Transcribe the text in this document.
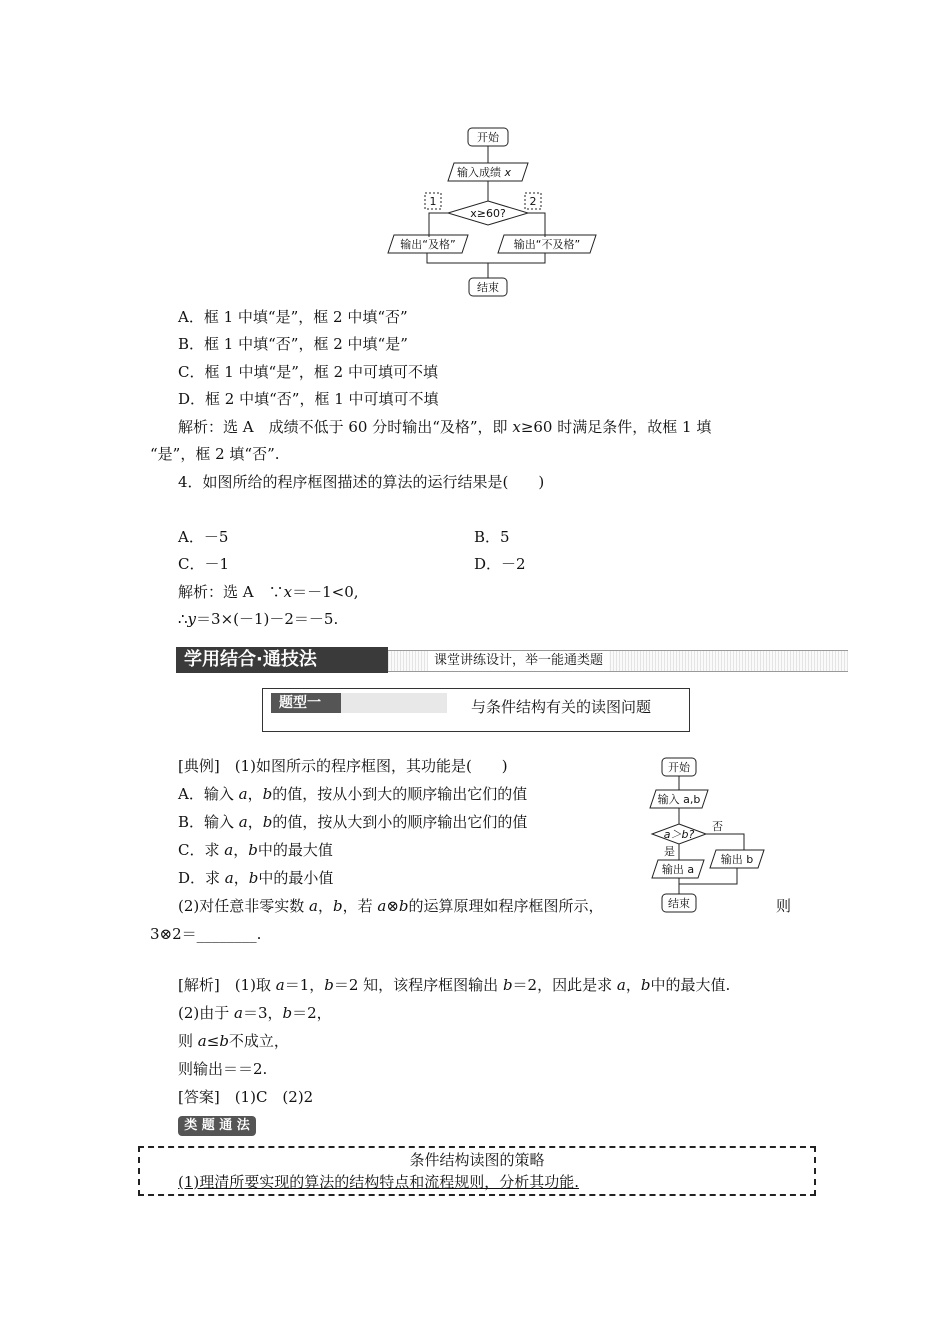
开始
输入成绩 x
x≥60?
1	2
输出“及格”	输出“不及格”
结束
A．框 1 中填“是”，框 2 中填“否”
B．框 1 中填“否”，框 2 中填“是”
C．框 1 中填“是”，框 2 中可填可不填
D．框 2 中填“否”，框 1 中可填可不填
解析：选 A　成绩不低于 60 分时输出“及格”，即 x≥60 时满足条件，故框 1 填
“是”，框 2 填“否”.
4．如图所给的程序框图描述的算法的运行结果是(　　)
A．－5	B．5
C．－1	D．－2
解析：选 A　∵x＝－1<0,
∴y＝3×(－1)－2＝－5.
学用结合·通技法	课堂讲练设计，举一能通类题
题型一	与条件结构有关的读图问题
[典例]　(1)如图所示的程序框图，其功能是(　　)
A．输入 a，b的值，按从小到大的顺序输出它们的值
B．输入 a，b的值，按从大到小的顺序输出它们的值
C．求 a，b中的最大值
D．求 a，b中的最小值
(2)对任意非零实数 a，b，若 a⊗b的运算原理如程序框图所示，	则
3⊗2＝________.
开始
输入 a,b
a＞b?
否
是
输出 a
输出 b
结束
[解析]　(1)取 a＝1，b＝2 知，该程序框图输出 b＝2，因此是求 a，b中的最大值.
(2)由于 a＝3，b＝2，
则 a≤b不成立，
则输出＝＝2.
[答案]　(1)C　(2)2
类 题 通 法
条件结构读图的策略
(1)理清所要实现的算法的结构特点和流程规则，分析其功能.
